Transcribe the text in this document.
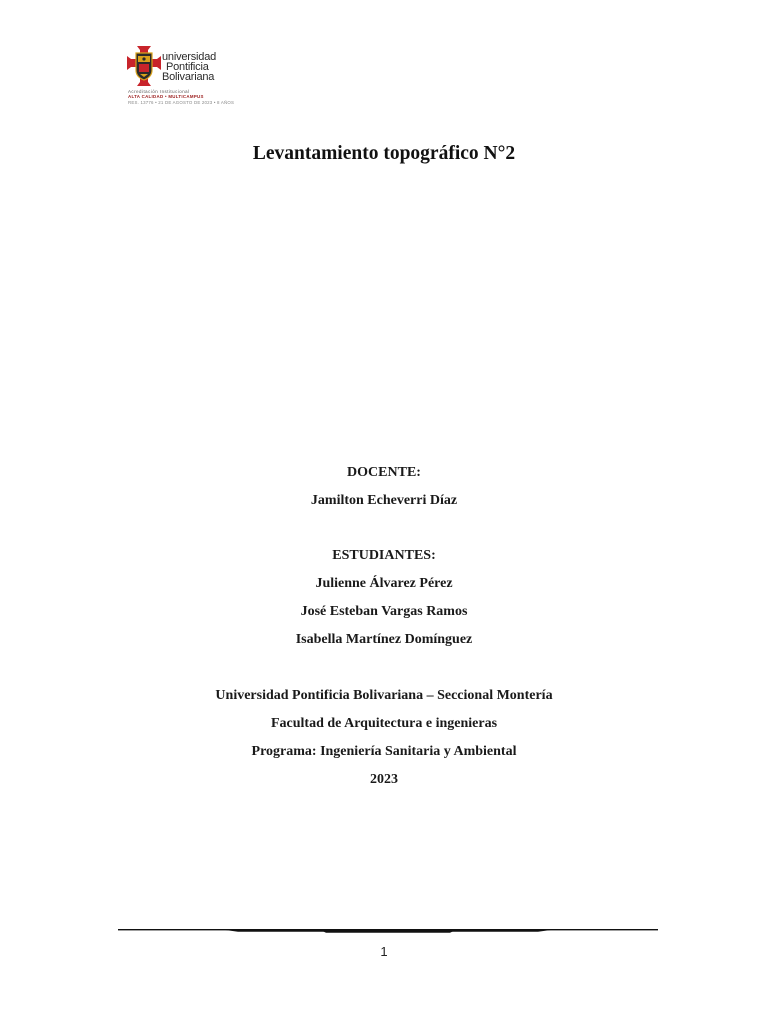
universidad
Pontificia
Bolivariana
Acreditación Institucional
ALTA CALIDAD • MULTICAMPUS
RES. 13776 • 21 DE AGOSTO DE 2023 • 8 AÑOS
Levantamiento topográfico N°2
DOCENTE:
Jamilton Echeverri Díaz
ESTUDIANTES:
Julienne Álvarez Pérez
José Esteban Vargas Ramos
Isabella Martínez Domínguez
Universidad Pontificia Bolivariana – Seccional Montería
Facultad de Arquitectura e ingenieras
Programa: Ingeniería Sanitaria y Ambiental
2023
1
